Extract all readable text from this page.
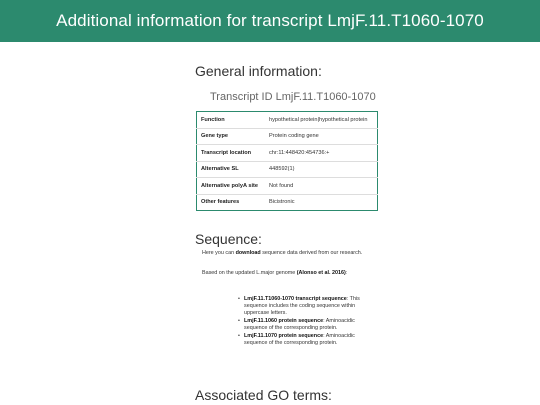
Additional information for transcript LmjF.11.T1060-1070
General information:
Transcript ID LmjF.11.T1060-1070
Function	hypothetical protein|hypothetical protein
Gene type	Protein coding gene
Transcript location	chr:11:448420:454736:+
Alternative SL	448592(1)
Alternative polyA site	Not found
Other features	Bicistronic
Sequence:

Here you can download sequence data derived from our research.

Based on the updated L.major genome (Alonso et al. 2016):

• LmjF.11.T1060-1070 transcript sequence: This sequence includes the coding sequence within uppercase letters.
• LmjF.11.1060 protein sequence: Aminoacidic sequence of the corresponding protein.
• LmjF.11.1070 protein sequence: Aminoacidic sequence of the corresponding protein.
Associated GO terms:
